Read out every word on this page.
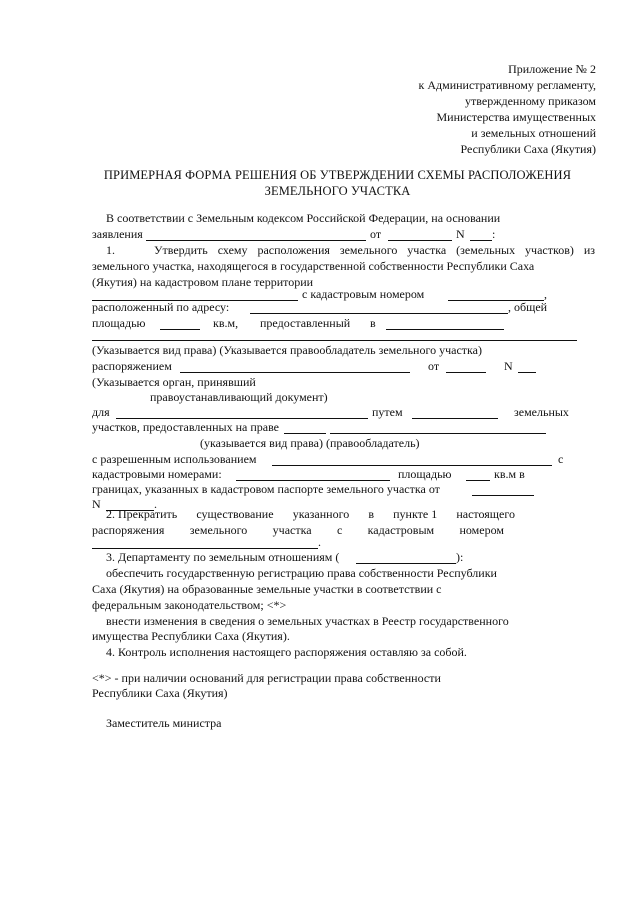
Приложение № 2
к Административному регламенту,
утвержденному приказом
Министерства имущественных
и земельных отношений
Республики Саха (Якутия)
ПРИМЕРНАЯ ФОРМА РЕШЕНИЯ ОБ УТВЕРЖДЕНИИ СХЕМЫ РАСПОЛОЖЕНИЯ
ЗЕМЕЛЬНОГО УЧАСТКА
В соответствии с Земельным кодексом Российской Федерации, на основании
заявления	от	N :
1.	Утвердить схему расположения земельного участка (земельных участков) из
земельного участка, находящегося в государственной собственности Республики Саха
(Якутия) на кадастровом плане территории
с кадастровым номером	,
расположенный по адресу:	, общей
площадью	кв.м, предоставленный в
(Указывается вид права) (Указывается правообладатель земельного участка)
распоряжением	от	N
(Указывается орган, принявший
правоустанавливающий документ)
для	путем	земельных
участков, предоставленных на праве
(указывается вид права) (правообладатель)
с разрешенным использованием	с
кадастровыми номерами:	площадью	кв.м в
границах, указанных в кадастровом паспорте земельного участка от
N	.
2. Прекратить существование указанного в пункте 1 настоящего
распоряжения земельного участка с кадастровым номером
.
3. Департаменту по земельным отношениям (	):
обеспечить государственную регистрацию права собственности Республики
Саха (Якутия) на образованные земельные участки в соответствии с
федеральным законодательством; <*>
внести изменения в сведения о земельных участках в Реестр государственного
имущества Республики Саха (Якутия).
4. Контроль исполнения настоящего распоряжения оставляю за собой.
<*> - при наличии оснований для регистрации права собственности
Республики Саха (Якутия)
Заместитель министра
